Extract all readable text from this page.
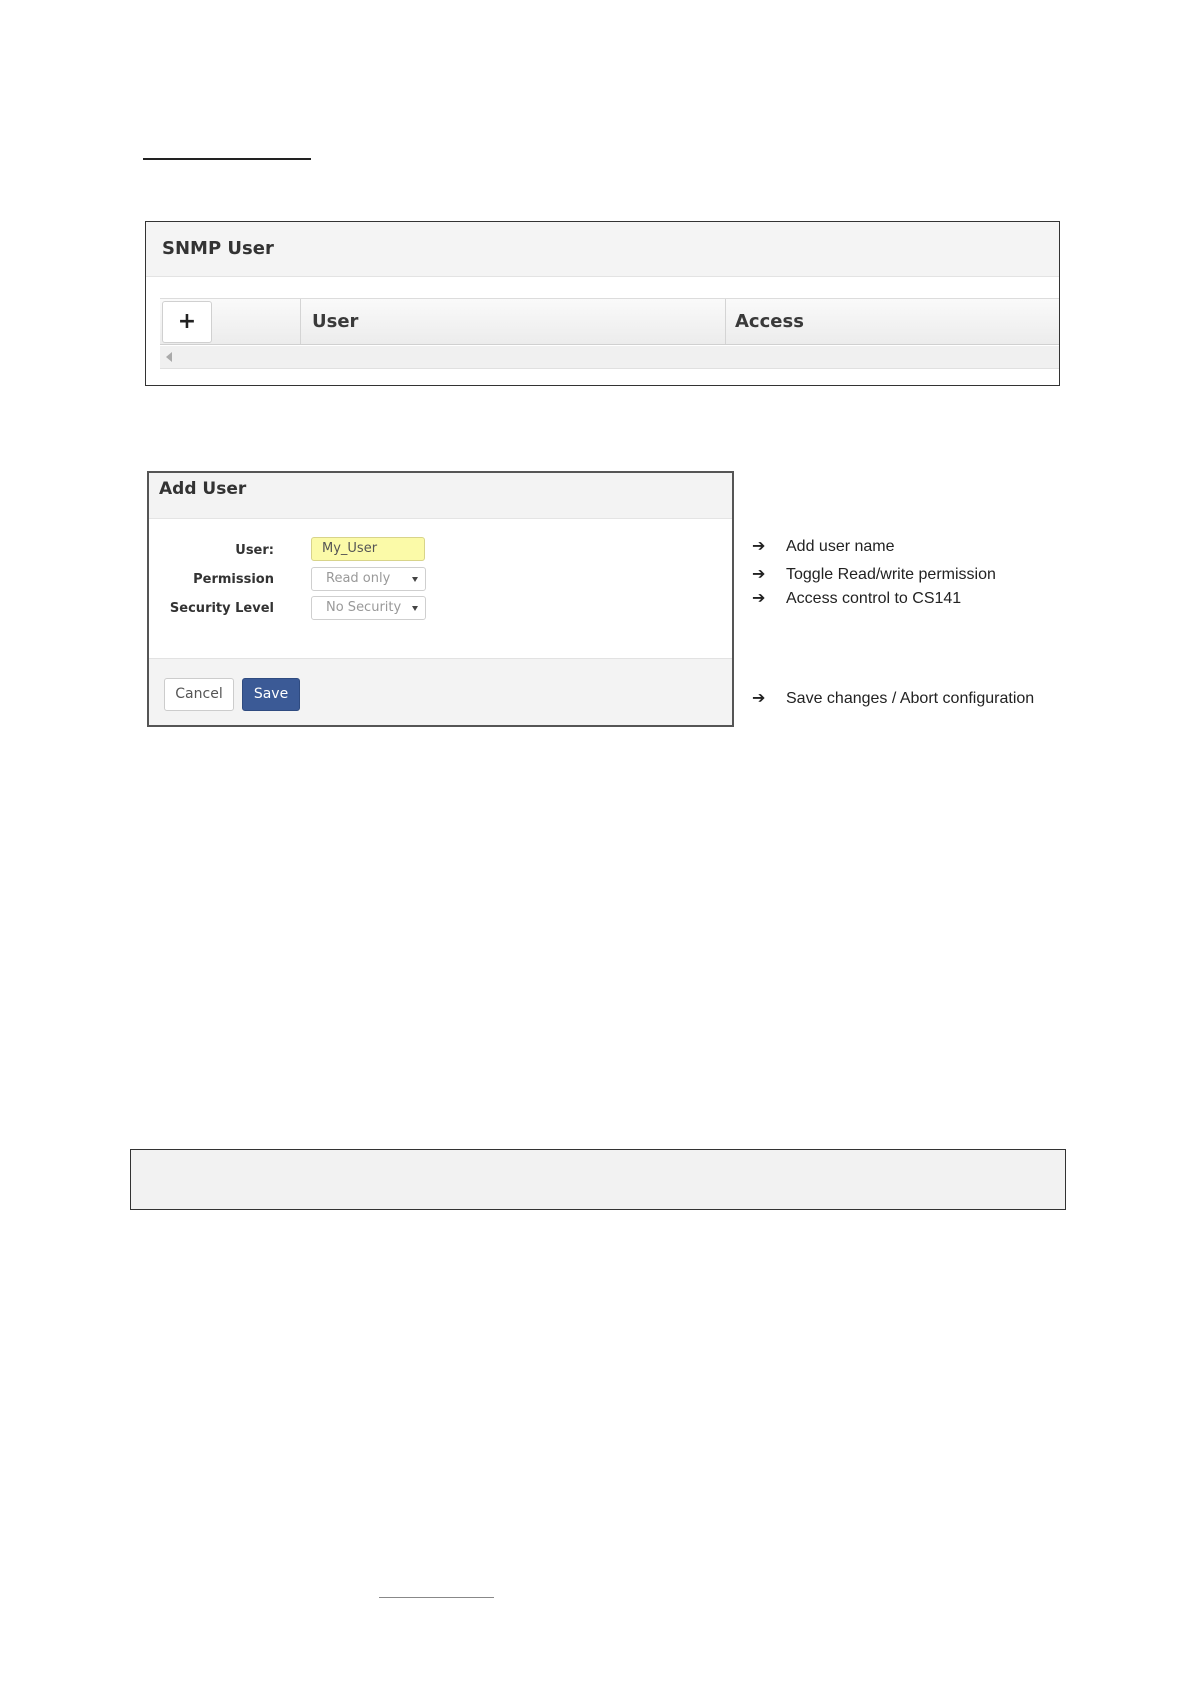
SNMP User
+	User	Access
Add User
User:	My_User
Permission	Read only
Security Level	No Security
Cancel	Save
➔ Add user name
➔ Toggle Read/write permission
➔ Access control to CS141
➔ Save changes / Abort configuration
